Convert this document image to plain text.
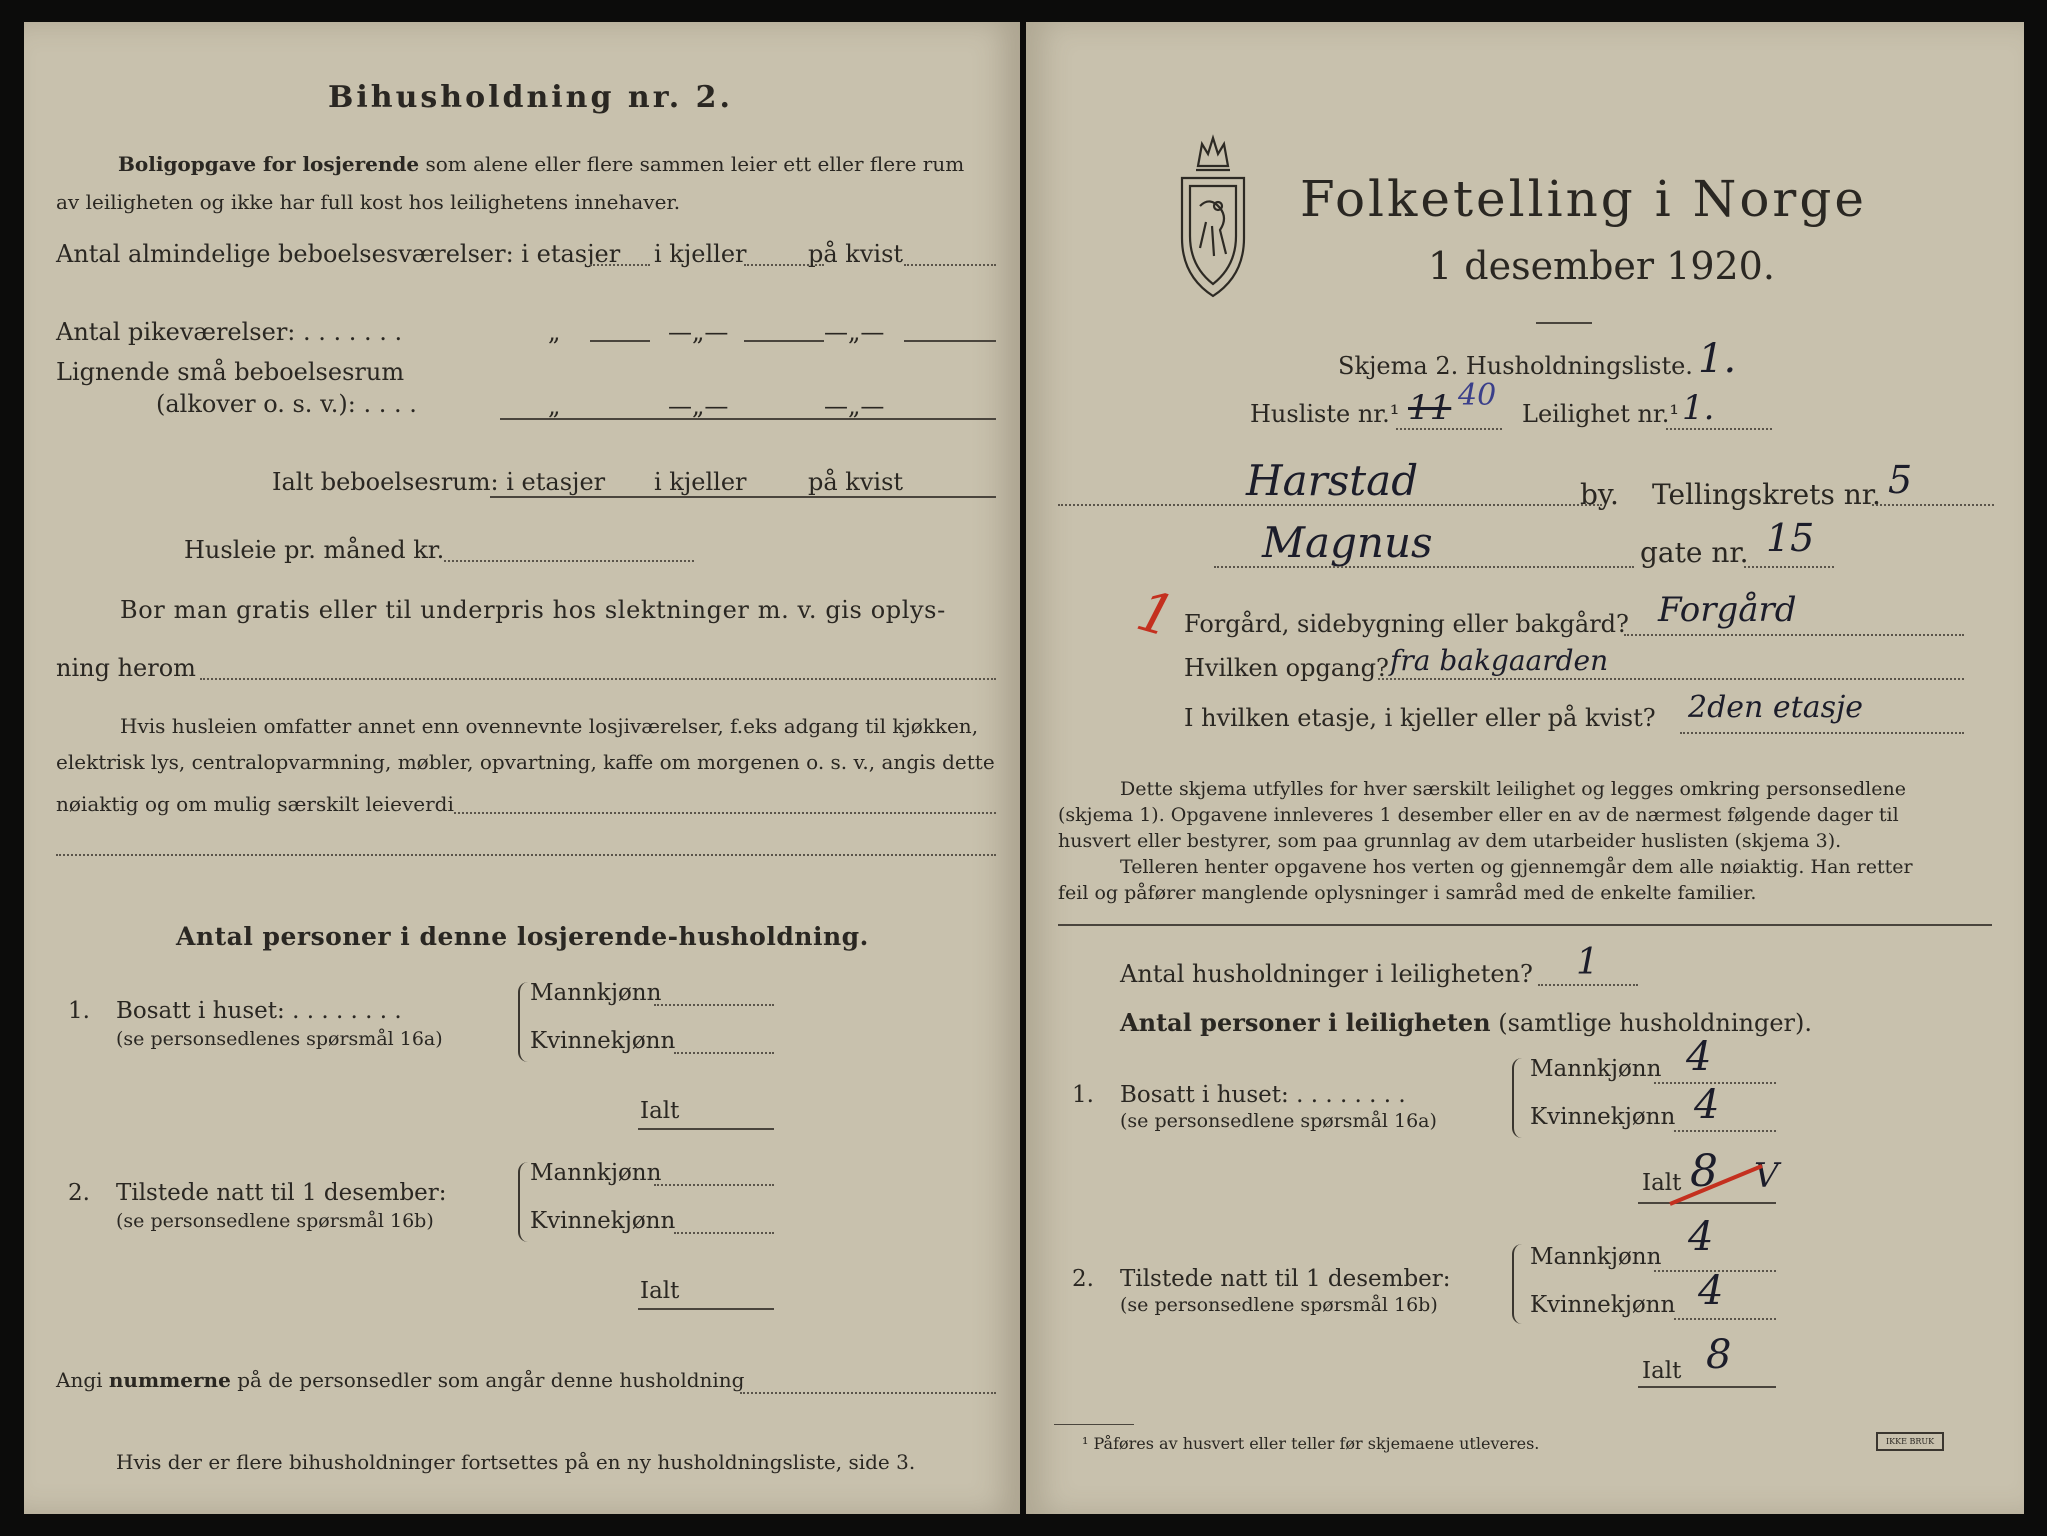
Bihusholdning nr. 2.
Boligopgave for losjerende som alene eller flere sammen leier ett eller flere rum
av leiligheten og ikke har full kost hos leilighetens innehaver.
Antal almindelige beboelsesværelser: i etasjer i kjeller	på kvist
Antal pikeværelser: . . . . . . .	„	—„—	—„—
Lignende små beboelsesrum
(alkover o. s. v.): . . . .	„	—„—	—„—
Ialt beboelsesrum: i etasjer i kjeller	på kvist
Husleie pr. måned kr.
Bor man gratis eller til underpris hos slektninger m. v. gis oplys-
ning herom
Hvis husleien omfatter annet enn ovennevnte losjiværelser, f.eks adgang til kjøkken,
elektrisk lys, centralopvarmning, møbler, opvartning, kaffe om morgenen o. s. v., angis dette
nøiaktig og om mulig særskilt leieverdi
Antal personer i denne losjerende-husholdning.
1. Bosatt i huset: . . . . . . . .
(se personsedlenes spørsmål 16a)
Mannkjønn
Kvinnekjønn
Ialt
2. Tilstede natt til 1 desember:
(se personsedlene spørsmål 16b)
Mannkjønn
Kvinnekjønn
Ialt
Angi nummerne på de personsedler som angår denne husholdning
Hvis der er flere bihusholdninger fortsettes på en ny husholdningsliste, side 3.
Folketelling i Norge
1 desember 1920.
Skjema 2. Husholdningsliste. 1.
Husliste nr.¹ 11 40
Leilighet nr.¹ 1.
Harstad	by. Tellingskrets nr. 5
Magnus	gate nr. 15
1 Forgård, sidebygning eller bakgård? Forgård
Hvilken opgang? fra bakgaarden
I hvilken etasje, i kjeller eller på kvist? 2den etasje
Dette skjema utfylles for hver særskilt leilighet og legges omkring personsedlene
(skjema 1). Opgavene innleveres 1 desember eller en av de nærmest følgende dager til
husvert eller bestyrer, som paa grunnlag av dem utarbeider huslisten (skjema 3).
Telleren henter opgavene hos verten og gjennemgår dem alle nøiaktig. Han retter
feil og påfører manglende oplysninger i samråd med de enkelte familier.
Antal husholdninger i leiligheten? 1
Antal personer i leiligheten (samtlige husholdninger).
1. Bosatt i huset: . . . . . . . .
(se personsedlene spørsmål 16a)
Mannkjønn 4
Kvinnekjønn 4
Ialt 8 V
2. Tilstede natt til 1 desember:
(se personsedlene spørsmål 16b)
Mannkjønn 4
Kvinnekjønn 4
Ialt 8
¹ Påføres av husvert eller teller før skjemaene utleveres.	IKKE BRUK
